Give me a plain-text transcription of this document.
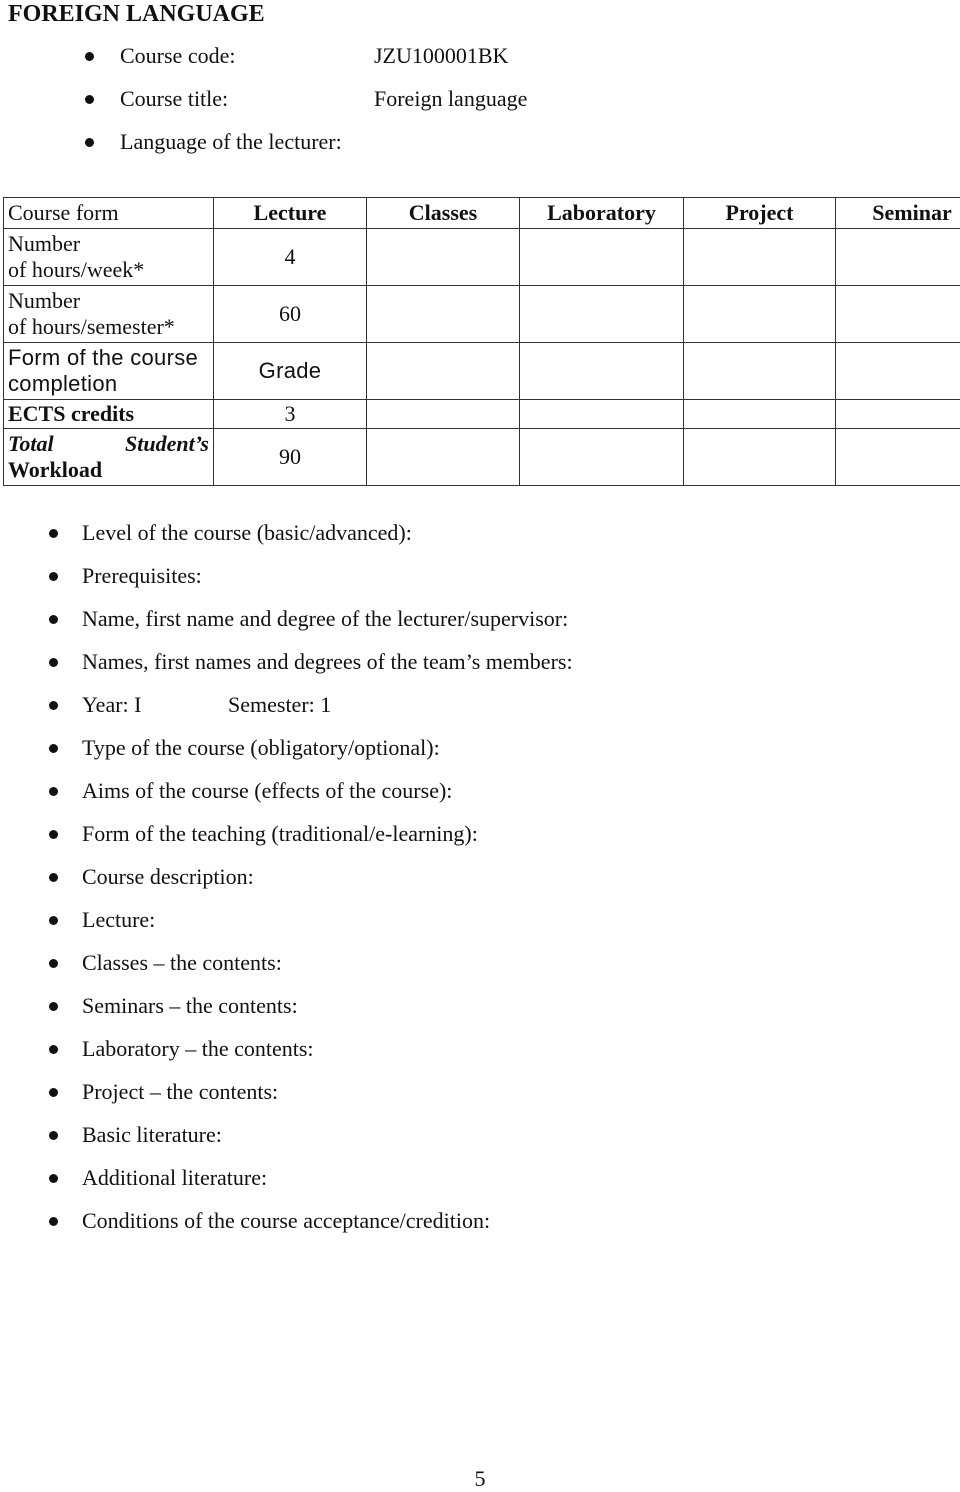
FOREIGN LANGUAGE
Course code:	JZU100001BK
Course title:	Foreign language
Language of the lecturer:
Course form	Lecture	Classes	Laboratory	Project	Seminar

Number
of hours/week*	4				

Number
of hours/semester*	60				

Form of the course
completion	Grade				
ECTS credits	3				

Total Student’s
Workload	90				
Level of the course (basic/advanced):
Prerequisites:
Name, first name and degree of the lecturer/supervisor:
Names, first names and degrees of the team’s members:
Year: I	Semester: 1
Type of the course (obligatory/optional):
Aims of the course (effects of the course):
Form of the teaching (traditional/e-learning):
Course description:
Lecture:
Classes – the contents:
Seminars – the contents:
Laboratory – the contents:
Project – the contents:
Basic literature:
Additional literature:
Conditions of the course acceptance/credition:
5
